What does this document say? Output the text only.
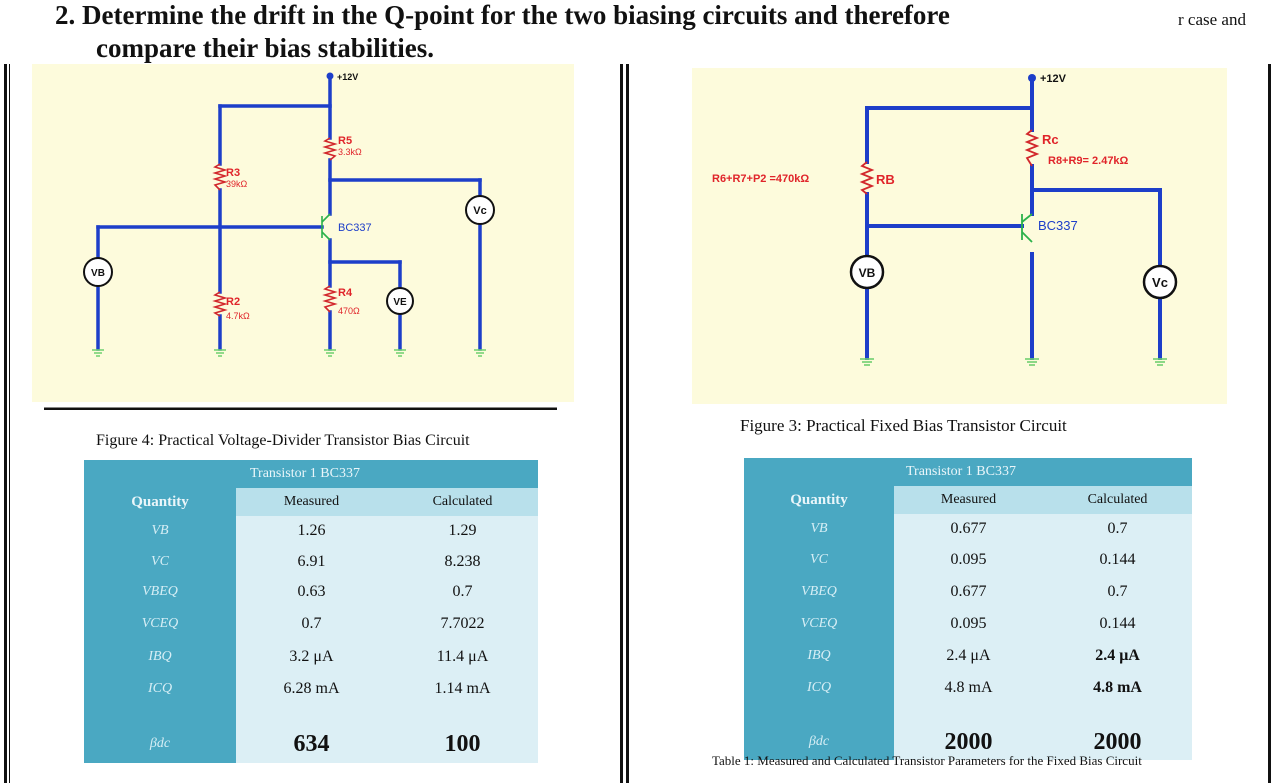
2. Determine the drift in the Q-point for the two biasing circuits and therefore
compare their bias stabilities.
r case and
+12V
R5
3.3kΩ
R3
39kΩ
R2
4.7kΩ
R4
470Ω
BC337
Vc
VB
VE
Figure 4: Practical Voltage-Divider Transistor Bias Circuit
+12V
Rc
R8+R9= 2.47kΩ
R6+R7+P2 =470kΩ	RB
BC337
VB
Vc
Figure 3: Practical Fixed Bias Transistor Circuit
	Transistor 1 BC337	
Quantity	Measured	Calculated
VB	1.26	1.29
VC	6.91	8.238
VBEQ	0.63	0.7
VCEQ	0.7	7.7022
IBQ	3.2 μA	11.4 μA
ICQ	6.28 mA	1.14 mA

βdc	634	100
	Transistor 1 BC337	
Quantity	Measured	Calculated
VB	0.677	0.7
VC	0.095	0.144
VBEQ	0.677	0.7
VCEQ	0.095	0.144
IBQ	2.4 μA	2.4 μA
ICQ	4.8 mA	4.8 mA

βdc	2000	2000
Table 1: Measured and Calculated Transistor Parameters for the Fixed Bias Circuit
